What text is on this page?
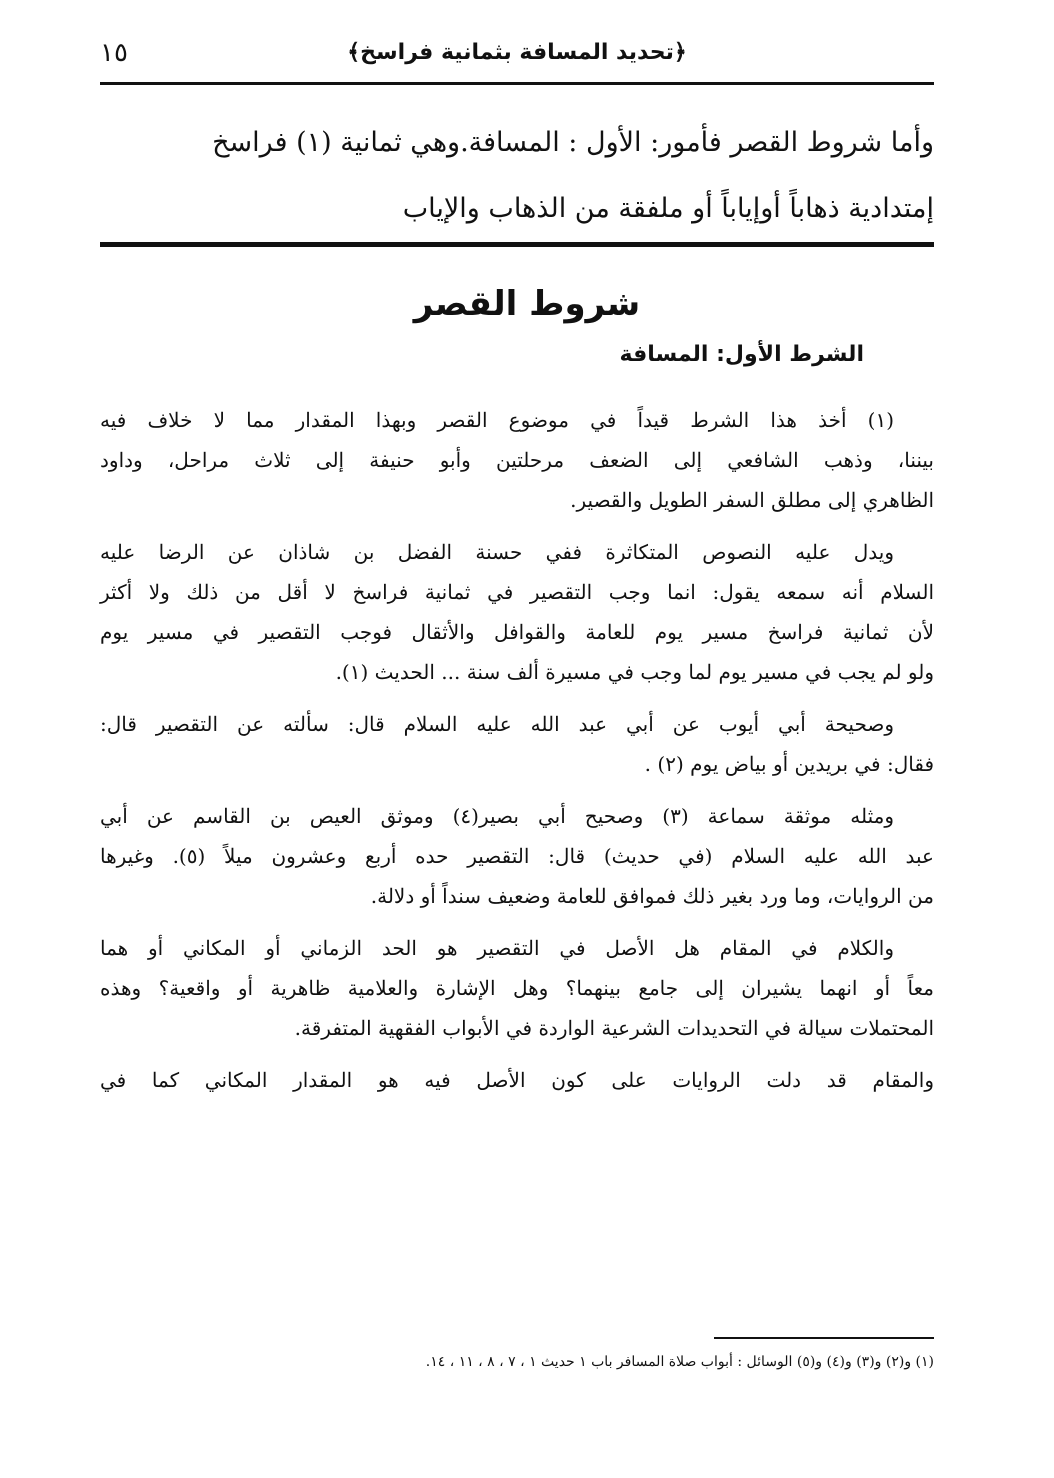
﴿تحديد المسافة بثمانية فراسخ﴾
١٥
وأما شروط القصر فأمور: الأول : المسافة.وهي ثمانية (١) فراسخ
إمتدادية ذهاباً أوإياباً أو ملفقة من الذهاب والإياب
شروط القصر
الشرط الأول: المسافة
(١) أخذ هذا الشرط قيداً في موضوع القصر وبهذا المقدار مما لا خلاف فيه
بيننا، وذهب الشافعي إلى الضعف مرحلتين وأبو حنيفة إلى ثلاث مراحل، وداود
الظاهري إلى مطلق السفر الطويل والقصير.
ويدل عليه النصوص المتكاثرة ففي حسنة الفضل بن شاذان عن الرضا عليه
السلام أنه سمعه يقول: انما وجب التقصير في ثمانية فراسخ لا أقل من ذلك ولا أكثر
لأن ثمانية فراسخ مسير يوم للعامة والقوافل والأثقال فوجب التقصير في مسير يوم
ولو لم يجب في مسير يوم لما وجب في مسيرة ألف سنة ... الحديث (١).
وصحيحة أبي أيوب عن أبي عبد الله عليه السلام قال: سألته عن التقصير قال:
فقال: في بريدين أو بياض يوم (٢) .
ومثله موثقة سماعة (٣) وصحيح أبي بصير(٤) وموثق العيص بن القاسم عن أبي
عبد الله عليه السلام (في حديث) قال: التقصير حده أربع وعشرون ميلاً (٥). وغيرها
من الروايات، وما ورد بغير ذلك فموافق للعامة وضعيف سنداً أو دلالة.
والكلام في المقام هل الأصل في التقصير هو الحد الزماني أو المكاني أو هما
معاً أو انهما يشيران إلى جامع بينهما؟ وهل الإشارة والعلامية ظاهرية أو واقعية؟ وهذه
المحتملات سيالة في التحديدات الشرعية الواردة في الأبواب الفقهية المتفرقة.
والمقام قد دلت الروايات على كون الأصل فيه هو المقدار المكاني كما في
(١) و(٢) و(٣) و(٤) و(٥) الوسائل : أبواب صلاة المسافر باب ١ حديث ١ ، ٧ ، ٨ ، ١١ ، ١٤.
